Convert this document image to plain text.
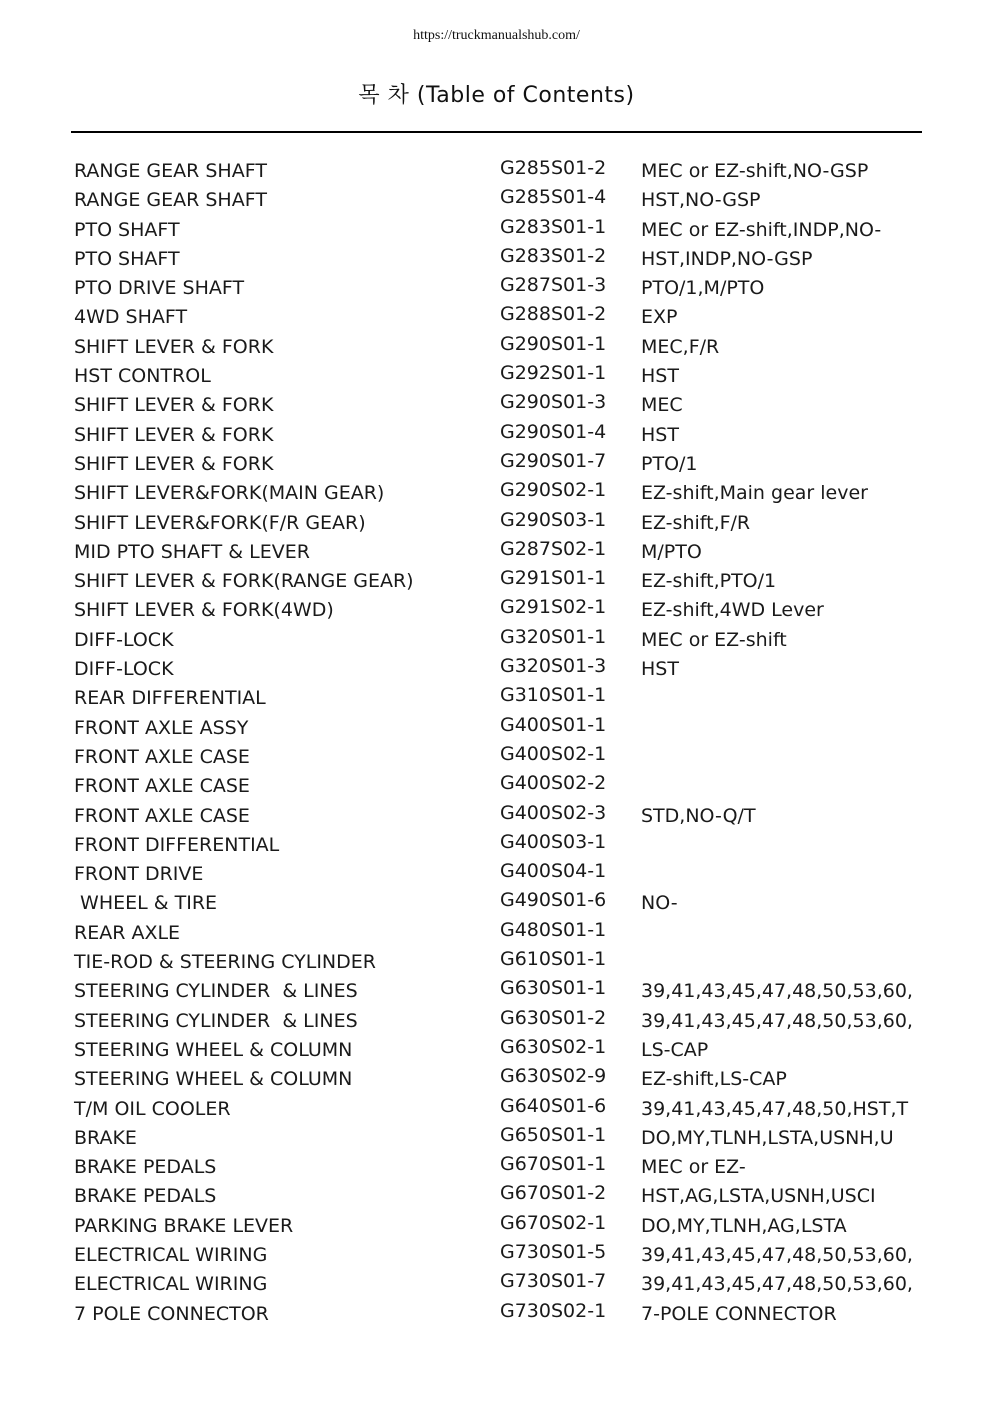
https://truckmanualshub.com/
목 차 (Table of Contents)
RANGE GEAR SHAFT	G285S01-2 MEC or EZ-shift,NO-GSP
RANGE GEAR SHAFT	G285S01-4 HST,NO-GSP
PTO SHAFT	G283S01-1 MEC or EZ-shift,INDP,NO-
PTO SHAFT	G283S01-2 HST,INDP,NO-GSP
PTO DRIVE SHAFT	G287S01-3 PTO/1,M/PTO
4WD SHAFT	G288S01-2 EXP
SHIFT LEVER & FORK	G290S01-1 MEC,F/R
HST CONTROL	G292S01-1 HST
SHIFT LEVER & FORK	G290S01-3 MEC
SHIFT LEVER & FORK	G290S01-4 HST
SHIFT LEVER & FORK	G290S01-7 PTO/1
SHIFT LEVER&FORK(MAIN GEAR)	G290S02-1 EZ-shift,Main gear lever
SHIFT LEVER&FORK(F/R GEAR)	G290S03-1 EZ-shift,F/R
MID PTO SHAFT & LEVER	G287S02-1 M/PTO
SHIFT LEVER & FORK(RANGE GEAR)	G291S01-1 EZ-shift,PTO/1
SHIFT LEVER & FORK(4WD)	G291S02-1 EZ-shift,4WD Lever
DIFF-LOCK	G320S01-1 MEC or EZ-shift
DIFF-LOCK	G320S01-3 HST
REAR DIFFERENTIAL	G310S01-1
FRONT AXLE ASSY	G400S01-1
FRONT AXLE CASE	G400S02-1
FRONT AXLE CASE	G400S02-2
FRONT AXLE CASE	G400S02-3 STD,NO-Q/T
FRONT DIFFERENTIAL	G400S03-1
FRONT DRIVE	G400S04-1
WHEEL & TIRE	G490S01-6 NO-
REAR AXLE	G480S01-1
TIE-ROD & STEERING CYLINDER	G610S01-1
STEERING CYLINDER  & LINES	G630S01-1 39,41,43,45,47,48,50,53,60,
STEERING CYLINDER  & LINES	G630S01-2 39,41,43,45,47,48,50,53,60,
STEERING WHEEL & COLUMN	G630S02-1 LS-CAP
STEERING WHEEL & COLUMN	G630S02-9 EZ-shift,LS-CAP
T/M OIL COOLER	G640S01-6 39,41,43,45,47,48,50,HST,T
BRAKE	G650S01-1 DO,MY,TLNH,LSTA,USNH,U
BRAKE PEDALS	G670S01-1 MEC or EZ-
BRAKE PEDALS	G670S01-2 HST,AG,LSTA,USNH,USCI
PARKING BRAKE LEVER	G670S02-1 DO,MY,TLNH,AG,LSTA
ELECTRICAL WIRING	G730S01-5 39,41,43,45,47,48,50,53,60,
ELECTRICAL WIRING	G730S01-7 39,41,43,45,47,48,50,53,60,
7 POLE CONNECTOR	G730S02-1 7-POLE CONNECTOR
